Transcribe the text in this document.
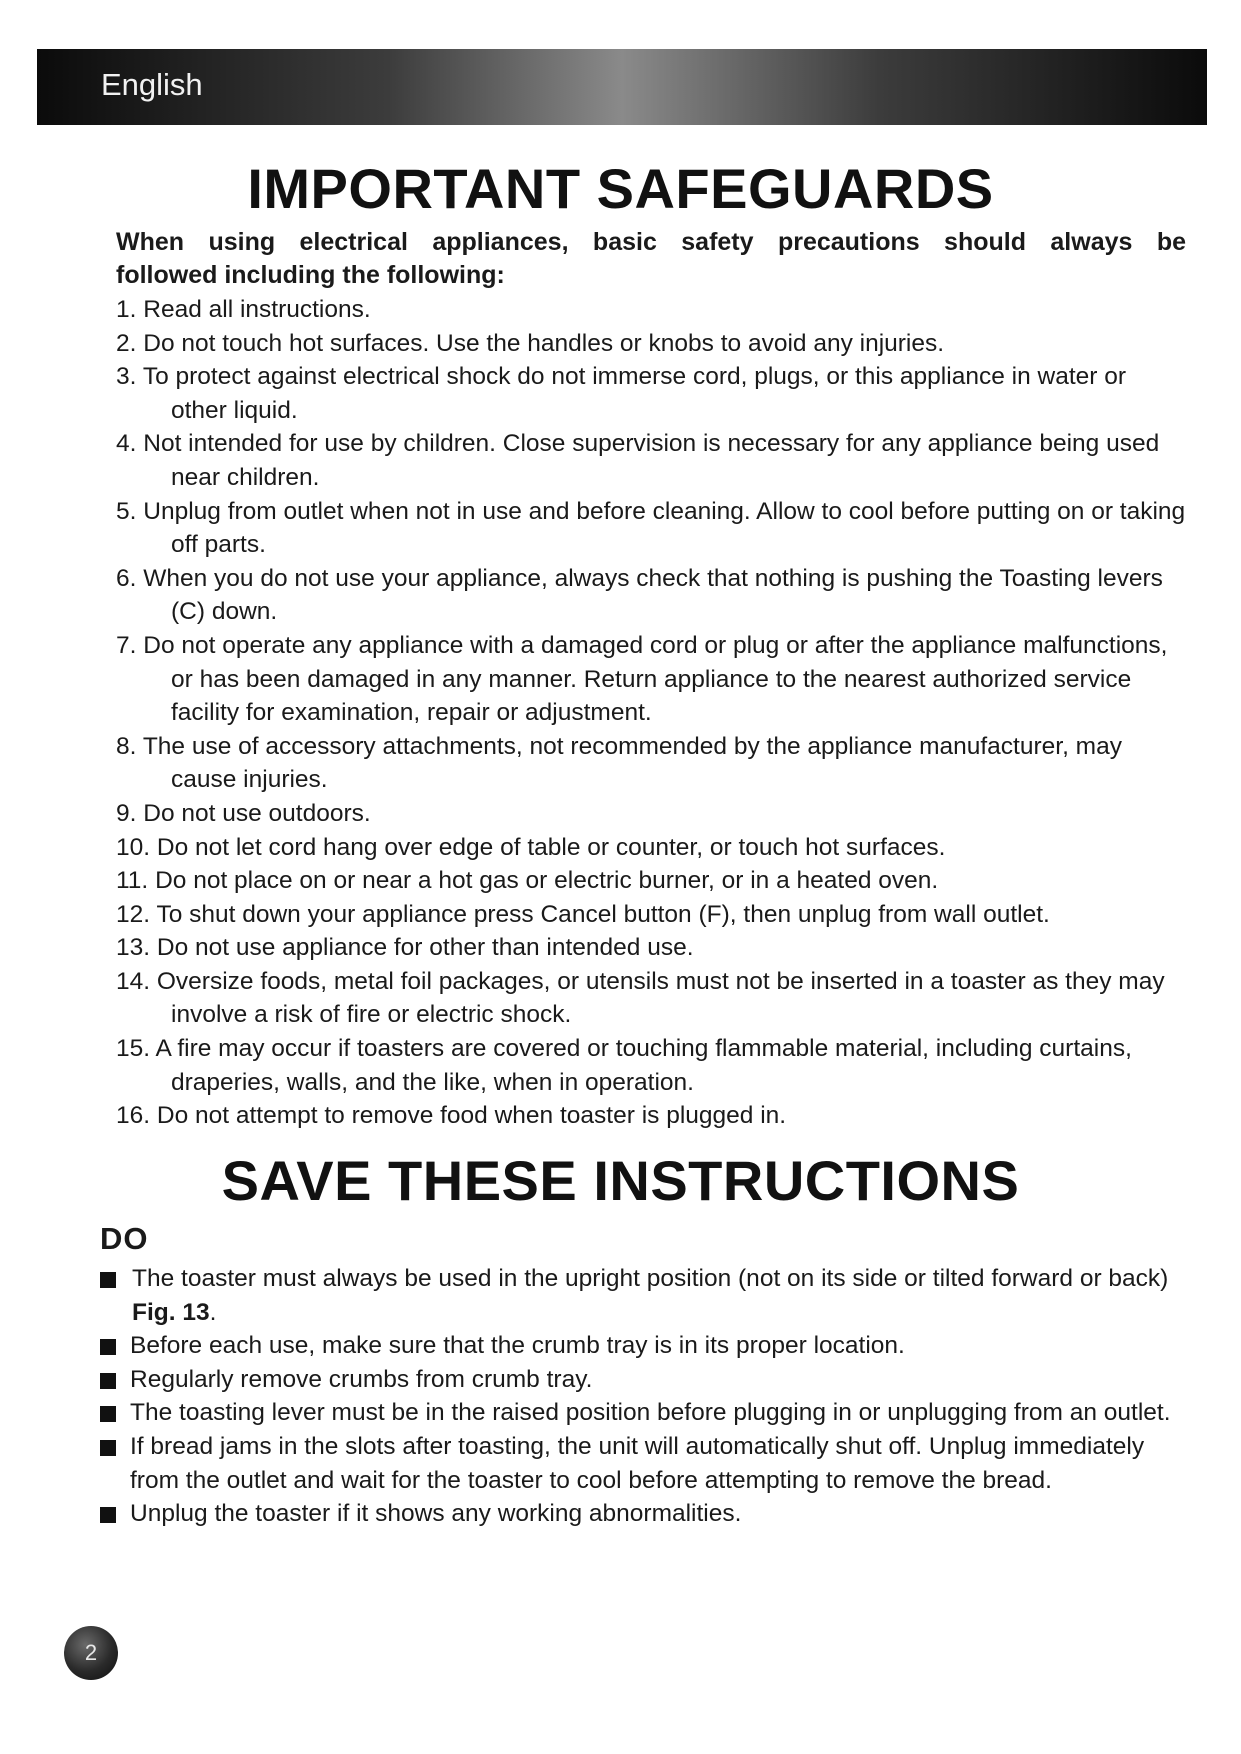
English
IMPORTANT SAFEGUARDS

When using electrical appliances, basic safety precautions should always be
followed including the following:

1. Read all instructions.
2. Do not touch hot surfaces. Use the handles or knobs to avoid any injuries.
3. To protect against electrical shock do not immerse cord, plugs, or this appliance in water or other liquid.
4. Not intended for use by children. Close supervision is necessary for any appliance being used near children.
5. Unplug from outlet when not in use and before cleaning. Allow to cool before putting on or taking off parts.
6. When you do not use your appliance, always check that nothing is pushing the Toasting levers (C) down.
7. Do not operate any appliance with a damaged cord or plug or after the appliance malfunctions, or has been damaged in any manner. Return appliance to the nearest authorized service facility for examination, repair or adjustment.
8. The use of accessory attachments, not recommended by the appliance manufacturer, may cause injuries.
9. Do not use outdoors.
10. Do not let cord hang over edge of table or counter, or touch hot surfaces.
11. Do not place on or near a hot gas or electric burner, or in a heated oven.
12. To shut down your appliance press Cancel button (F), then unplug from wall outlet.
13. Do not use appliance for other than intended use.
14. Oversize foods, metal foil packages, or utensils must not be inserted in a toaster as they may involve a risk of fire or electric shock.
15. A fire may occur if toasters are covered or touching flammable material, including curtains, draperies, walls, and the like, when in operation.
16. Do not attempt to remove food when toaster is plugged in.
SAVE THESE INSTRUCTIONS
DO
The toaster must always be used in the upright position (not on its side or tilted forward or back) Fig. 13.
Before each use, make sure that the crumb tray is in its proper location.
Regularly remove crumbs from crumb tray.
The toasting lever must be in the raised position before plugging in or unplugging from an outlet.
If bread jams in the slots after toasting, the unit will automatically shut off. Unplug immediately from the outlet and wait for the toaster to cool before attempting to remove the bread.
Unplug the toaster if it shows any working abnormalities.
2
